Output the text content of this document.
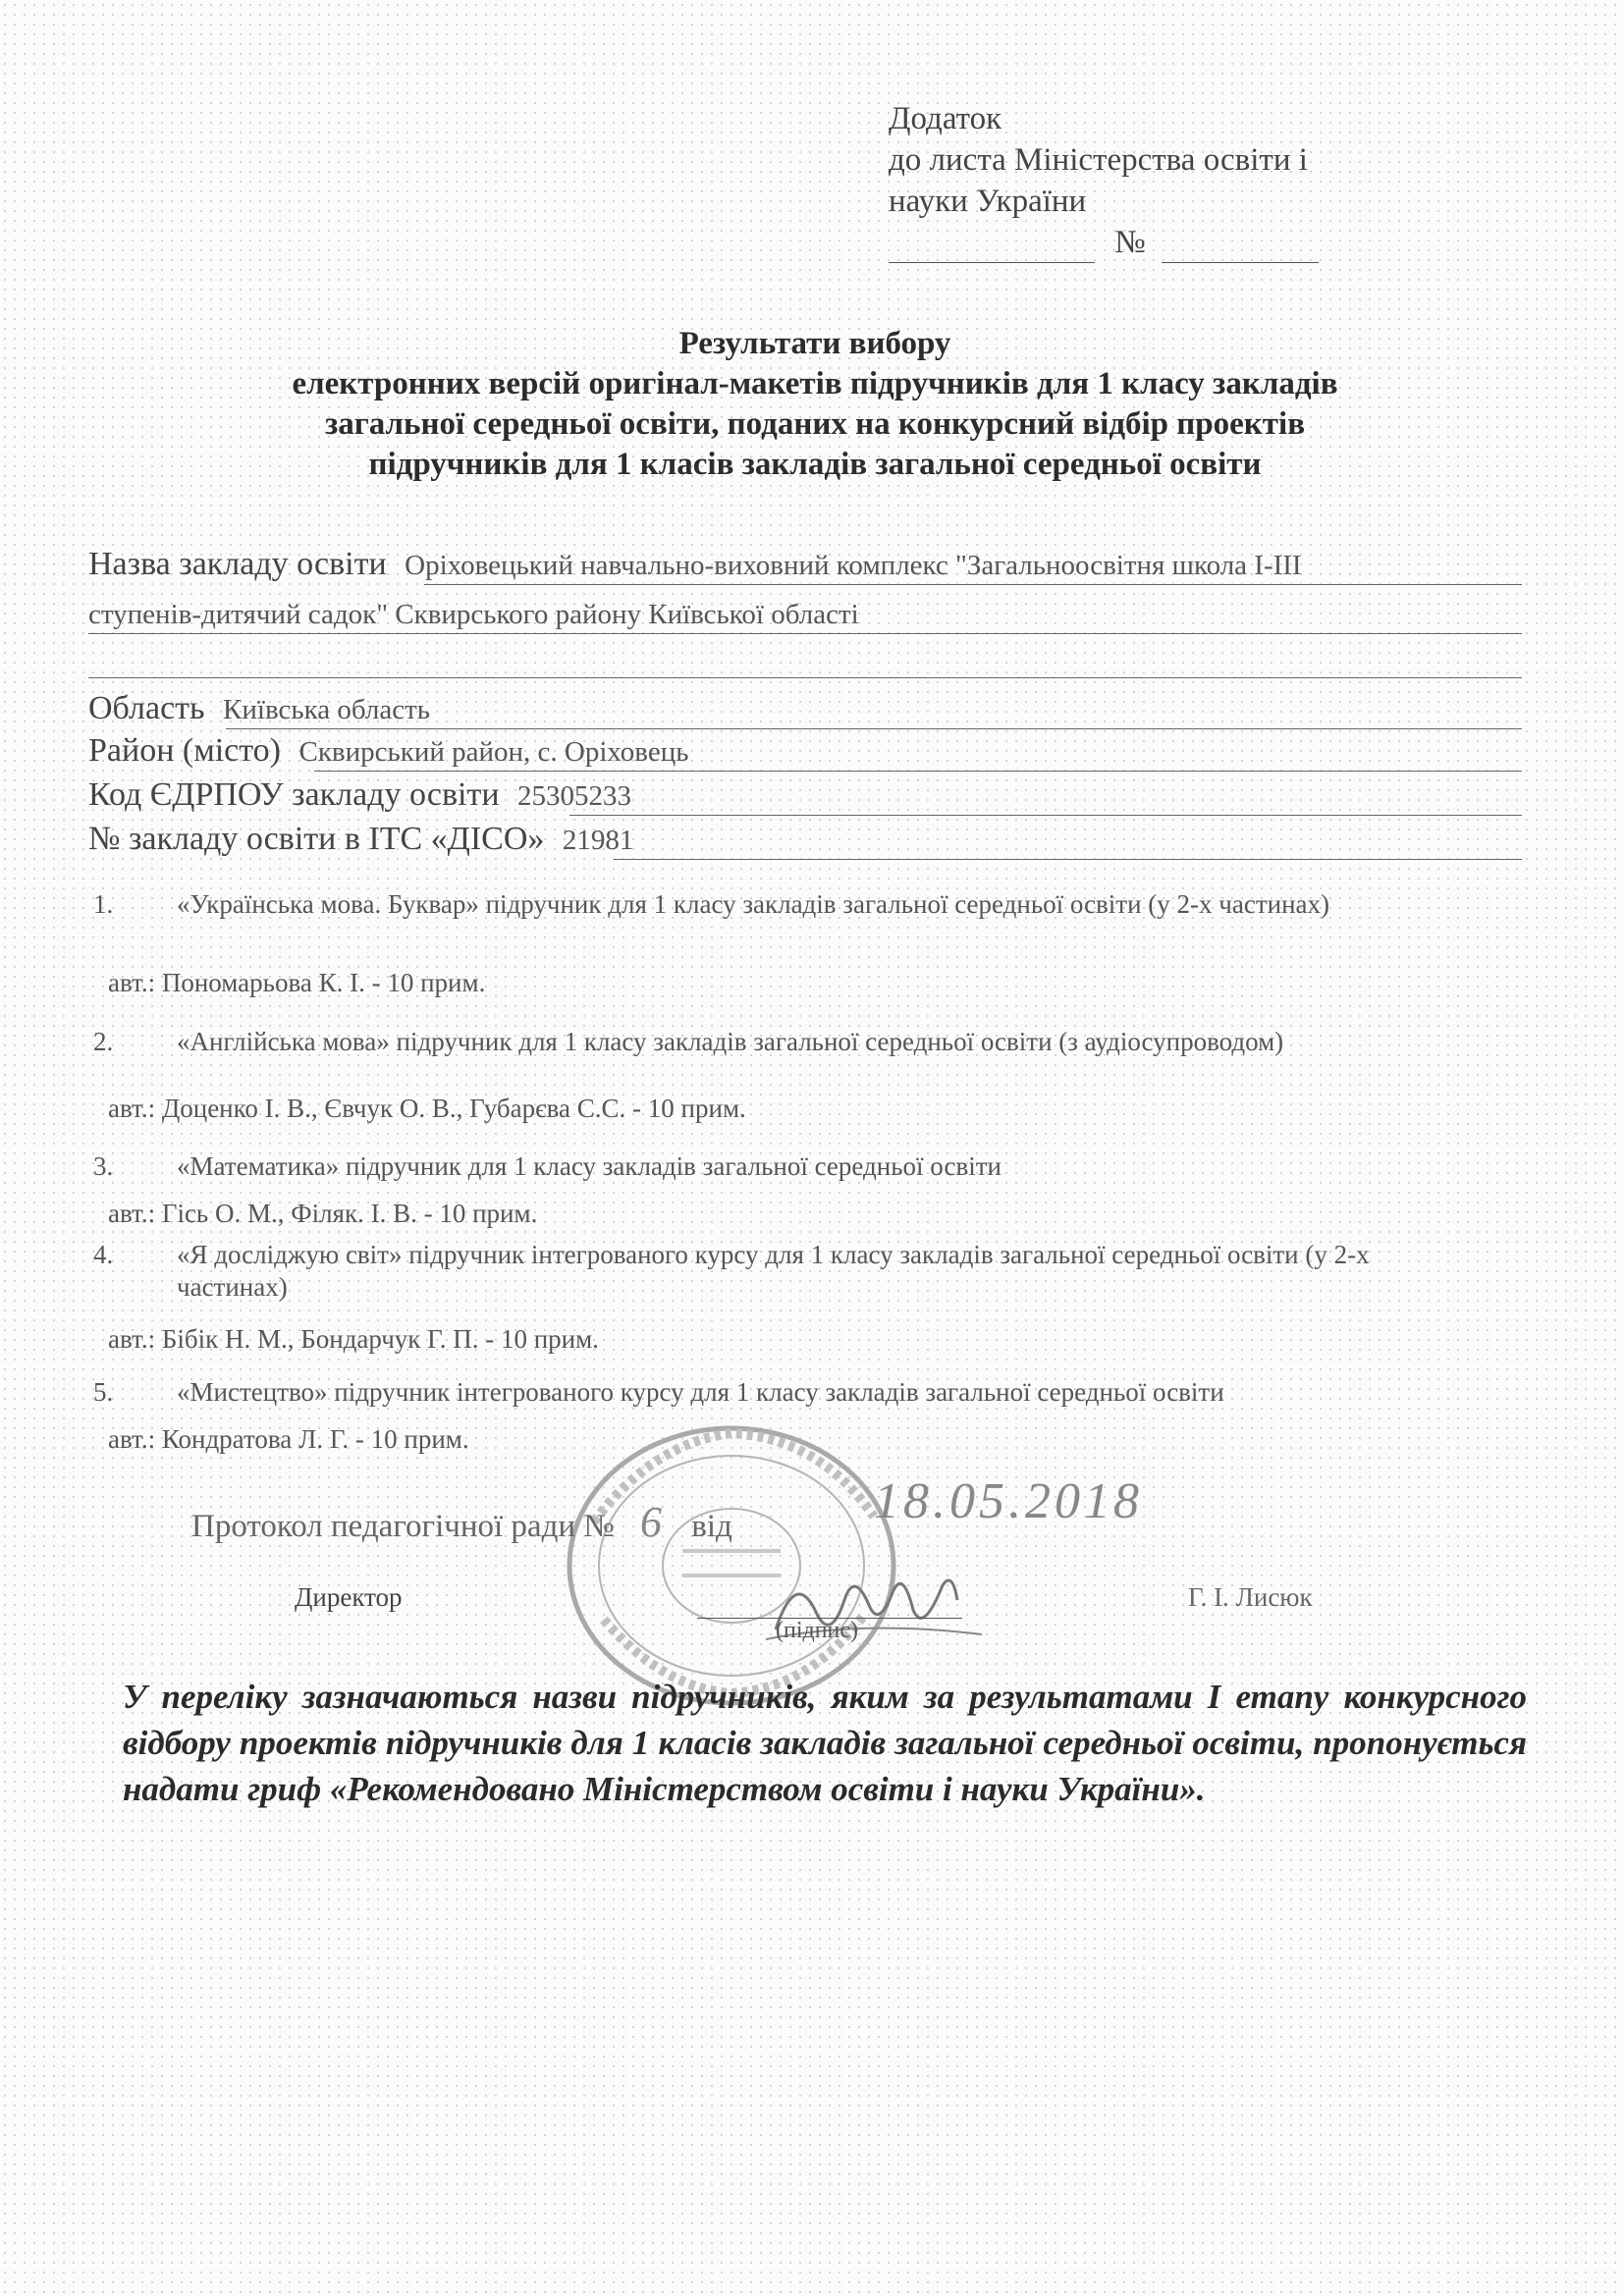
Додаток
до листа Міністерства освіти і
науки України
№
Результати вибору
електронних версій оригінал-макетів підручників для 1 класу закладів
загальної середньої освіти, поданих на конкурсний відбір проектів
підручників для 1 класів закладів загальної середньої освіти
Назва закладу освіти Оріховецький навчально-виховний комплекс "Загальноосвітня школа І-ІІІ
ступенів-дитячий садок" Сквирського району Київської області
Область Київська область
Район (місто) Сквирський район, с. Оріховець
Код ЄДРПОУ закладу освіти 25305233
№ закладу освіти в ІТС «ДІСО» 21981
1. «Українська мова. Буквар» підручник для 1 класу закладів загальної середньої освіти (у 2-х частинах)
авт.: Пономарьова К. І. - 10 прим.
2. «Англійська мова» підручник для 1 класу закладів загальної середньої освіти (з аудіосупроводом)
авт.: Доценко І. В., Євчук О. В., Губарєва С.С. - 10 прим.
3. «Математика» підручник для 1 класу закладів загальної середньої освіти
авт.: Гісь О. М., Філяк. І. В. - 10 прим.
4. «Я досліджую світ» підручник інтегрованого курсу для 1 класу закладів загальної середньої освіти (у 2-х частинах)
авт.: Бібік Н. М., Бондарчук Г. П. - 10 прим.
5. «Мистецтво» підручник інтегрованого курсу для 1 класу закладів загальної середньої освіти
авт.: Кондратова Л. Г. - 10 прим.
Протокол педагогічної ради № 6 від	18.05.2018
Директор
(підпис)
Г. І. Лисюк
У переліку зазначаються назви підручників, яким за результатами І етапу конкурсного відбору проектів підручників для 1 класів закладів загальної середньої освіти, пропонується надати гриф «Рекомендовано Міністерством освіти і науки України».
